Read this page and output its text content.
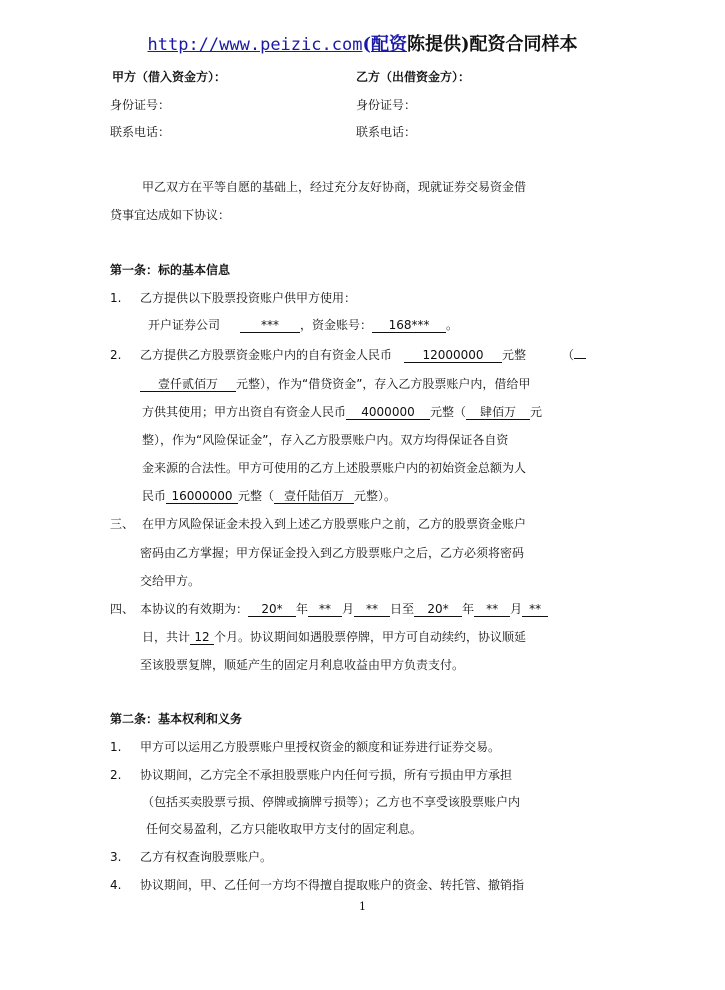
http://www.peizic.com(配资陈提供)配资合同样本
甲方（借入资金方）：	乙方（出借资金方）：
身份证号：	身份证号：
联系电话：	联系电话：
甲乙双方在平等自愿的基础上，经过充分友好协商，现就证券交易资金借
贷事宜达成如下协议：
第一条：标的基本信息
1. 乙方提供以下股票投资账户供甲方使用：
开户证券公司	*** ，资金账号： 168*** 。
2. 乙方提供乙方股票资金账户内的自有资金人民币	12000000 元整	（
壹仟贰佰万 元整），作为“借贷资金”，存入乙方股票账户内，借给甲
方供其使用；甲方出资自有资金人民币 4000000 元整（ 肆佰万 元
整），作为“风险保证金”，存入乙方股票账户内。双方均得保证各自资
金来源的合法性。甲方可使用的乙方上述股票账户内的初始资金总额为人
民币 16000000 元整（ 壹仟陆佰万 元整）。
三、 在甲方风险保证金未投入到上述乙方股票账户之前，乙方的股票资金账户
密码由乙方掌握；甲方保证金投入到乙方股票账户之后，乙方必须将密码
交给甲方。
四、 本协议的有效期为： 20* 年 ** 月 ** 日至 20* 年 ** 月 **
日，共计 12 个月。协议期间如遇股票停牌，甲方可自动续约，协议顺延
至该股票复牌，顺延产生的固定月利息收益由甲方负责支付。
第二条：基本权利和义务
1. 甲方可以运用乙方股票账户里授权资金的额度和证券进行证券交易。
2. 协议期间，乙方完全不承担股票账户内任何亏损，所有亏损由甲方承担
（包括买卖股票亏损、停牌或摘牌亏损等）；乙方也不享受该股票账户内
任何交易盈利，乙方只能收取甲方支付的固定利息。
3. 乙方有权查询股票账户。
4. 协议期间，甲、乙任何一方均不得擅自提取账户的资金、转托管、撤销指
1
